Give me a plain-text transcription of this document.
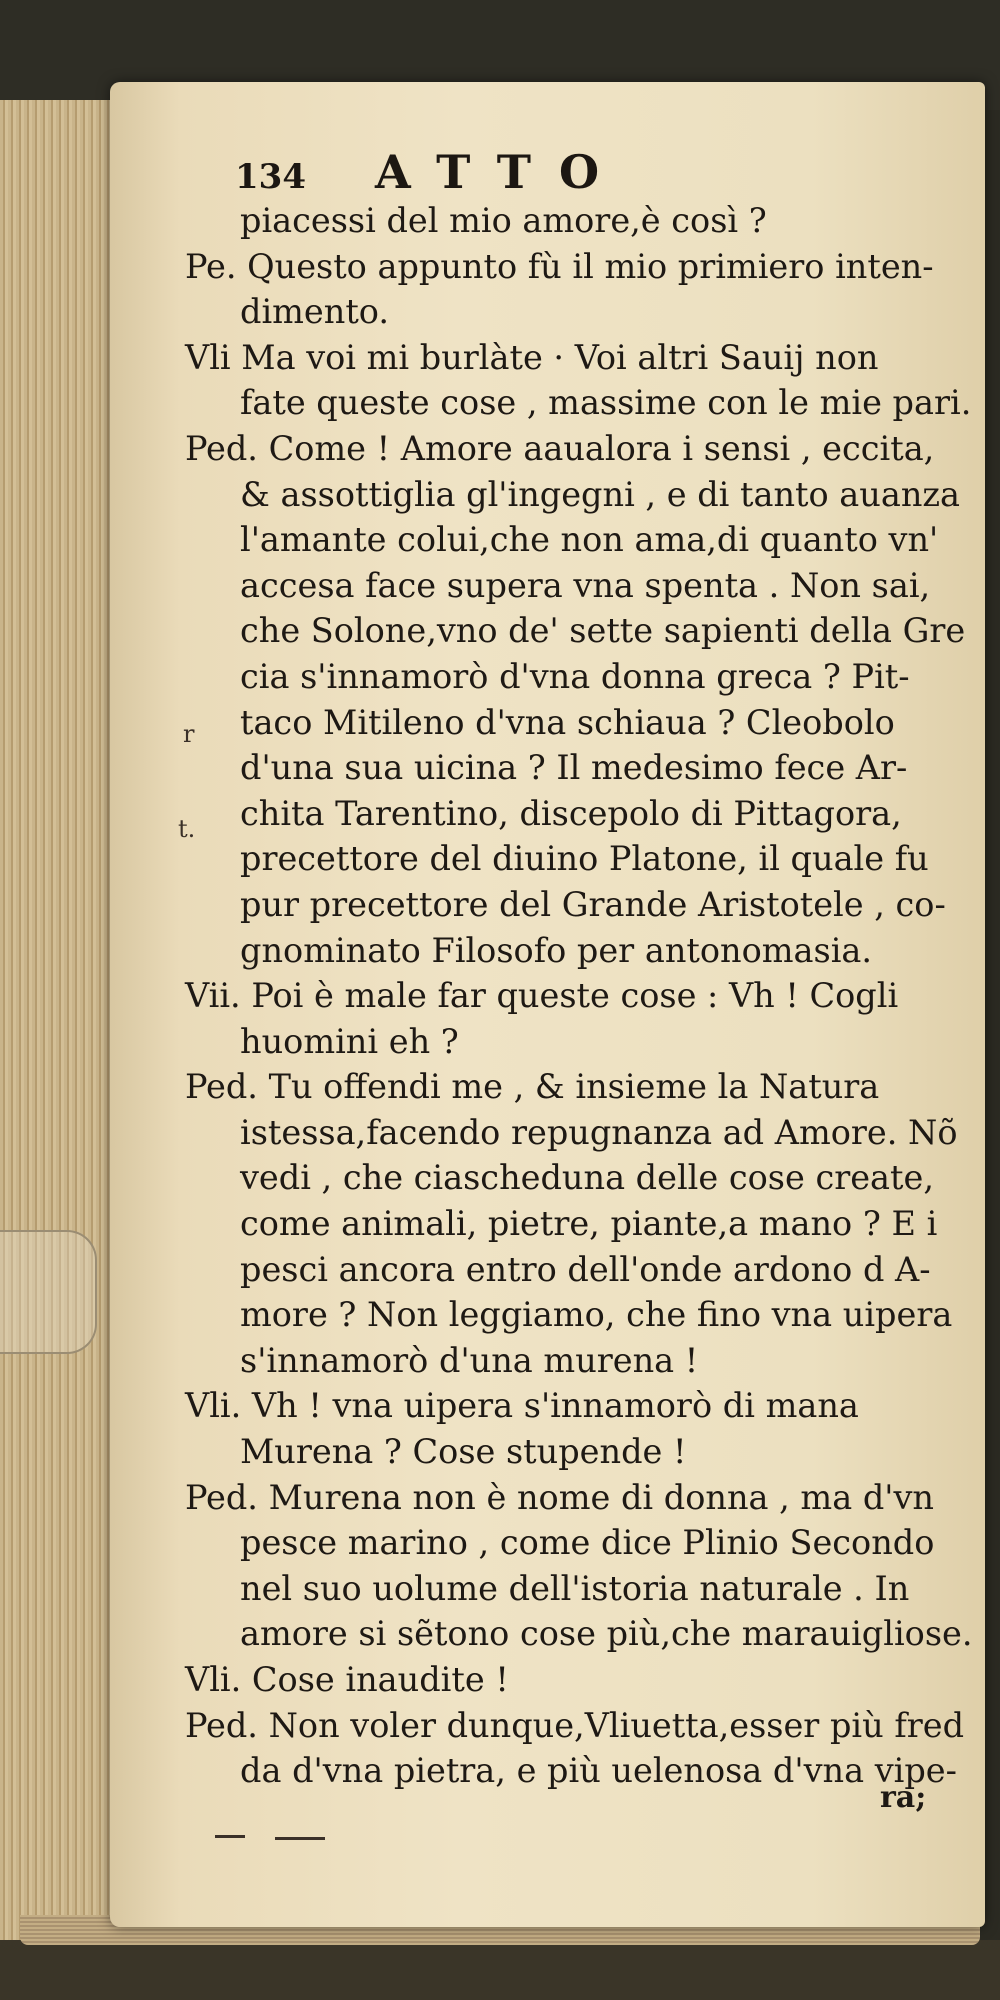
134 ATTO
piacessi del mio amore,è così ?
Pe. Questo appunto fù il mio primiero inten-
dimento.
Vli Ma voi mi burlàte · Voi altri Sauij non
fate queste cose , massime con le mie pari.
Ped. Come ! Amore aaualora i sensi , eccita,
& assottiglia gl'ingegni , e di tanto auanza
l'amante colui,che non ama,di quanto vn'
accesa face supera vna spenta . Non sai,
che Solone,vno de' sette sapienti della Gre
cia s'innamorò d'vna donna greca ? Pit-
taco Mitileno d'vna schiaua ? Cleobolo
d'una sua uicina ? Il medesimo fece Ar-
chita Tarentino, discepolo di Pittagora,
precettore del diuino Platone, il quale fu
pur precettore del Grande Aristotele , co-
gnominato Filosofo per antonomasia.
Vii. Poi è male far queste cose : Vh ! Cogli
huomini eh ?
Ped. Tu offendi me , & insieme la Natura
istessa,facendo repugnanza ad Amore. Nõ
vedi , che ciascheduna delle cose create,
come animali, pietre, piante,a mano ? E i
pesci ancora entro dell'onde ardono d A-
more ? Non leggiamo, che fino vna uipera
s'innamorò d'una murena !
Vli. Vh ! vna uipera s'innamorò di mana
Murena ? Cose stupende !
Ped. Murena non è nome di donna , ma d'vn
pesce marino , come dice Plinio Secondo
nel suo uolume dell'istoria naturale . In
amore si sẽtono cose più,che marauigliose.
Vli. Cose inaudite !
Ped. Non voler dunque,Vliuetta,esser più fred
da d'vna pietra, e più uelenosa d'vna vipe-
r
t.
ra;
